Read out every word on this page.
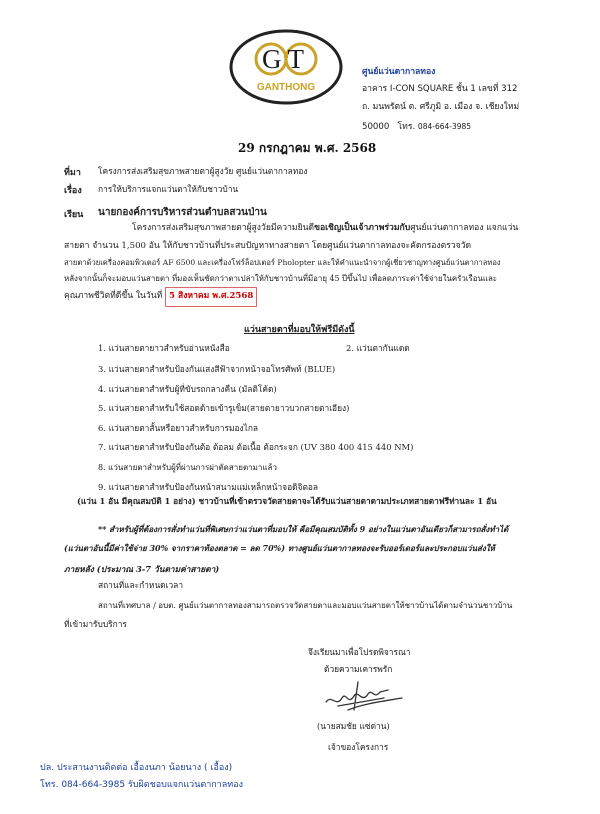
GT
GANTHONG
ศูนย์แว่นตากาลทอง
อาคาร I-CON SQUARE ชั้น 1 เลขที่ 312
ถ. มนพรัตน์ ต. ศรีภูมิ อ. เมือง จ. เชียงใหม่
50000 โทร. 084-664-3985
29 กรกฎาคม พ.ศ. 2568
ที่มา โครงการส่งเสริมสุขภาพสายตาผู้สูงวัย ศูนย์แว่นตากาลทอง
เรื่อง การให้บริการแจกแว่นตาให้กับชาวบ้าน
เรียน นายกองค์การบริหารส่วนตำบลสวนป่าน
โครงการส่งเสริมสุขภาพสายตาผู้สูงวัยมีความยินดีขอเชิญเป็นเจ้าภาพร่วมกับศูนย์แว่นตากาลทอง แจกแว่น
สายตา จำนวน 1,500 อัน ให้กับชาวบ้านที่ประสบปัญหาทางสายตา โดยศูนย์แว่นตากาลทองจะคัดกรองตรวจวัด
สายตาด้วยเครื่องคอมพิวเตอร์ AF 6500 และเครื่องโฟร์ล็อปเตอร์ Pholopter และให้คำแนะนำจากผู้เชี่ยวชาญทางศูนย์แว่นตากาลทอง
หลังจากนั้นก็จะมอบแว่นสายตา ที่มองเห็นชัดกว่าตาเปล่าให้กับชาวบ้านที่มีอายุ 45 ปีขึ้นไป เพื่อลดภาระค่าใช้จ่ายในครัวเรือนและ
คุณภาพชีวิตที่ดีขึ้น ในวันที่ 5 สิงหาคม พ.ศ.2568
แว่นสายตาที่มอบให้ฟรีมีดังนี้
1. แว่นสายตายาวสำหรับอ่านหนังสือ	2. แว่นตากันแดด
3. แว่นสายตาสำหรับป้องกันแสงสีฟ้าจากหน้าจอโทรศัพท์ (BLUE)
4. แว่นสายตาสำหรับผู้ที่ขับรถกลางคืน (มัลติโค้ด)
5. แว่นสายตาสำหรับใช้สอดด้ายเข้ารูเข็ม(สายตายาวบวกสายตาเอียง)
6. แว่นสายตาสั้นหรือยาวสำหรับการมองไกล
7. แว่นสายตาสำหรับป้องกันต้อ ต้อลม ต้อเนื้อ ต้อกระจก (UV 380 400 415 440 NM)
8. แว่นสายตาสำหรับผู้ที่ผ่านการผ่าตัดสายตามาแล้ว
9. แว่นสายตาสำหรับป้องกันหน้าสนามแม่เหล็กหน้าจอดิจิตอล
(แว่น 1 อัน มีคุณสมบัติ 1 อย่าง) ชาวบ้านที่เข้าตรวจวัดสายตาจะได้รับแว่นสายตาตามประเภทสายตาฟรีท่านละ 1 อัน
** สำหรับผู้ที่ต้องการสั่งทำแว่นที่พิเศษกว่าแว่นตาที่มอบให้ คือมีคุณสมบัติทั้ง 9 อย่างในแว่นตาอันเดียวก็สามารถสั่งทำได้
(แว่นตาอันนี้มีค่าใช้จ่าย 30% จากราคาท้องตลาด = ลด 70%) ทางศูนย์แว่นตากาลทองจะรับออร์เดอร์และประกอบแว่นส่งให้
ภายหลัง (ประมาณ 3-7 วันตามค่าสายตา)
สถานที่และกำหนดเวลา
สถานที่เทศบาล / อบต. ศูนย์แว่นตากาลทองสามารถตรวจวัดสายตาและมอบแว่นสายตาให้ชาวบ้านได้ตามจำนวนชาวบ้าน
ที่เข้ามารับบริการ
จึงเรียนมาเพื่อโปรดพิจารณา
ด้วยความเคารพรัก
(นายสมชัย แซ่ด่าน)
เจ้าของโครงการ
ปล. ประสานงานติดต่อ เอื้องนภา น้อยนาง ( เอื้อง)
โทร. 084-664-3985 รับผิดชอบแจกแว่นตากาลทอง
